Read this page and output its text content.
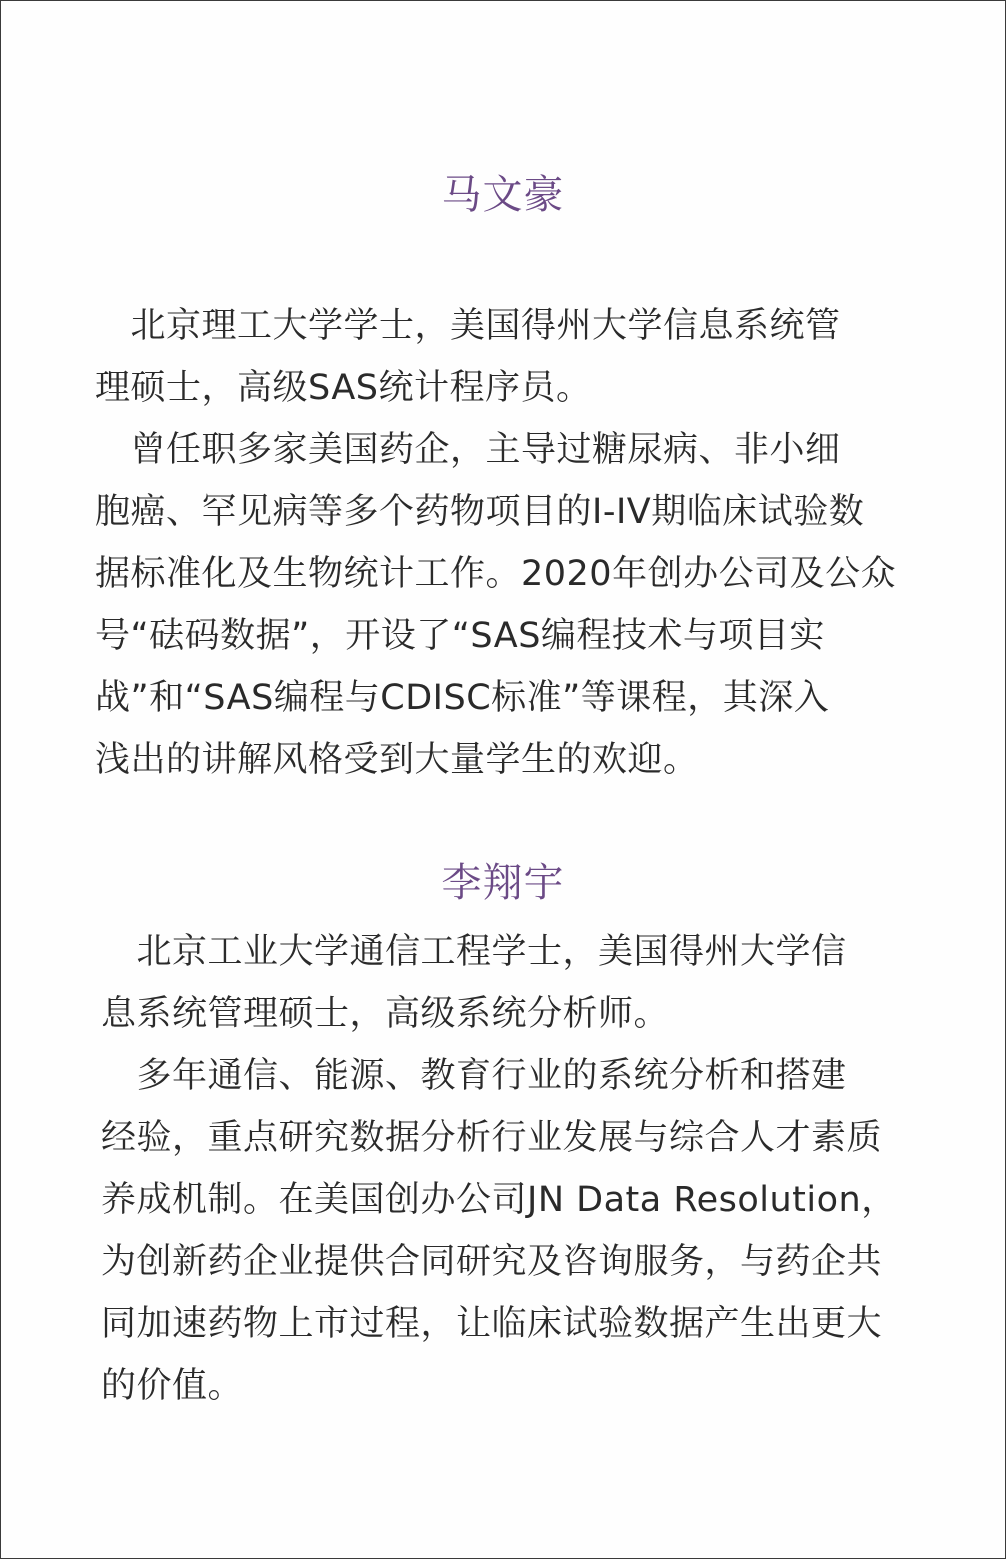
马文豪
　北京理工大学学士，美国得州大学信息系统管
理硕士，高级SAS统计程序员。
　曾任职多家美国药企，主导过糖尿病、非小细
胞癌、罕见病等多个药物项目的I-IV期临床试验数
据标准化及生物统计工作。2020年创办公司及公众
号“砝码数据”，开设了“SAS编程技术与项目实
战”和“SAS编程与CDISC标准”等课程，其深入
浅出的讲解风格受到大量学生的欢迎。
李翔宇
　北京工业大学通信工程学士，美国得州大学信
息系统管理硕士，高级系统分析师。
　多年通信、能源、教育行业的系统分析和搭建
经验，重点研究数据分析行业发展与综合人才素质
养成机制。在美国创办公司JN Data Resolution，
为创新药企业提供合同研究及咨询服务，与药企共
同加速药物上市过程，让临床试验数据产生出更大
的价值。
